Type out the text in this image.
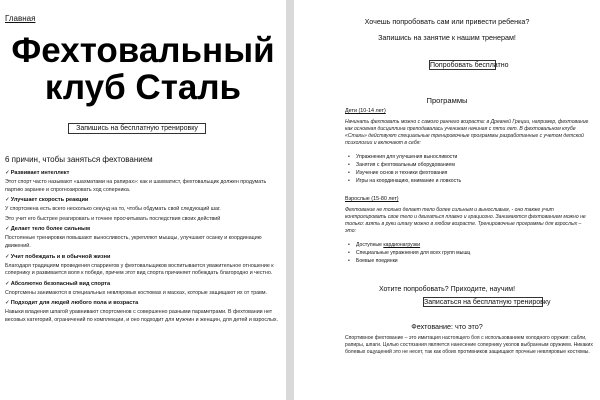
Главная
Фехтовальный
клуб Сталь
Запишись на бесплатную тренировку
6 причин, чтобы заняться фехтованием
✓Развивает интеллект
Этот спорт часто называют «шахматами на рапирах»: как и шахматист, фехтовальщик должен продумать партию заранее и спрогнозировать ход соперника.
✓Улучшает скорость реакции
У спортсмена есть всего несколько секунд на то, чтобы обдумать свой следующий шаг.
Это учит его быстрее реагировать и точнее просчитывать последствия своих действий
✓Делает тело более сильным
Постоянные тренировки повышают выносливость, укрепляют мышцы, улучшают осанку и координацию движений.
✓Учит побеждать и в обычной жизни
Благодаря традициям проведения спаррингов у фехтовальщиков воспитывается уважительное отношение к сопернику и развивается воля к победе, причем этот вид спорта причиняет побеждать благородно и честно.
✓Абсолютно безопасный вид спорта
Спортсмены занимаются в специальных невляровых костюмах и масках, которые защищают их от травм.
✓Подходит для людей любого пола и возраста
Навыки владения шпагой уравнивают спортсменов с совершенно разными параметрами. В фехтовании нет весовых категорий, ограничений по комплекции, и оно подходит для мужчин и женщин, для детей и взрослых.
Хочешь попробовать сам или привести ребенка?
Запишись на занятие к нашим тренерам!
Попробовать бесплатно
Программы
Дети (10-14 лет)
Начинать фехтовать можно с самого раннего возраста: в Древней Греции, например, фехтование как основная дисциплина преподавалась ученикам начиная с пяти лет. В фехтовальном клубе «Сталь» действуют специальные тренировочные программы разработанные с учетом детской психологии и включают в себя:
• Упражнения для улучшения выносливости
• Занятия с фехтовальным оборудованием
• Изучение основ и техники фехтования
• Игры на координацию, внимание и ловкость
Взрослые (15-80 лет)
Фехтование не только делает тело более сильным и выносливым, - оно также учит контролировать свое тело и двигаться плавно и грациозно. Занимаются фехтованием можно не только: взять в руки шпагу можно в любом возрасте. Тренировочные программы для взрослых – это:
• Доступные кардионагрузки
• Специальные упражнения для всех групп мышц
• Боевые поединки
Хотите попробовать? Приходите, научим!
Записаться на бесплатную тренировку
Фехтование: что это?
Спортивное фехтование – это имитация настоящего боя с использованием холодного оружия: сабли, рапиры, шпаги. Целью состязания является нанесение сопернику уколов выбранным оружием. Никаких болевых ощущений это не несет, так как обоих противников защищают прочные невляровые костюмы.
